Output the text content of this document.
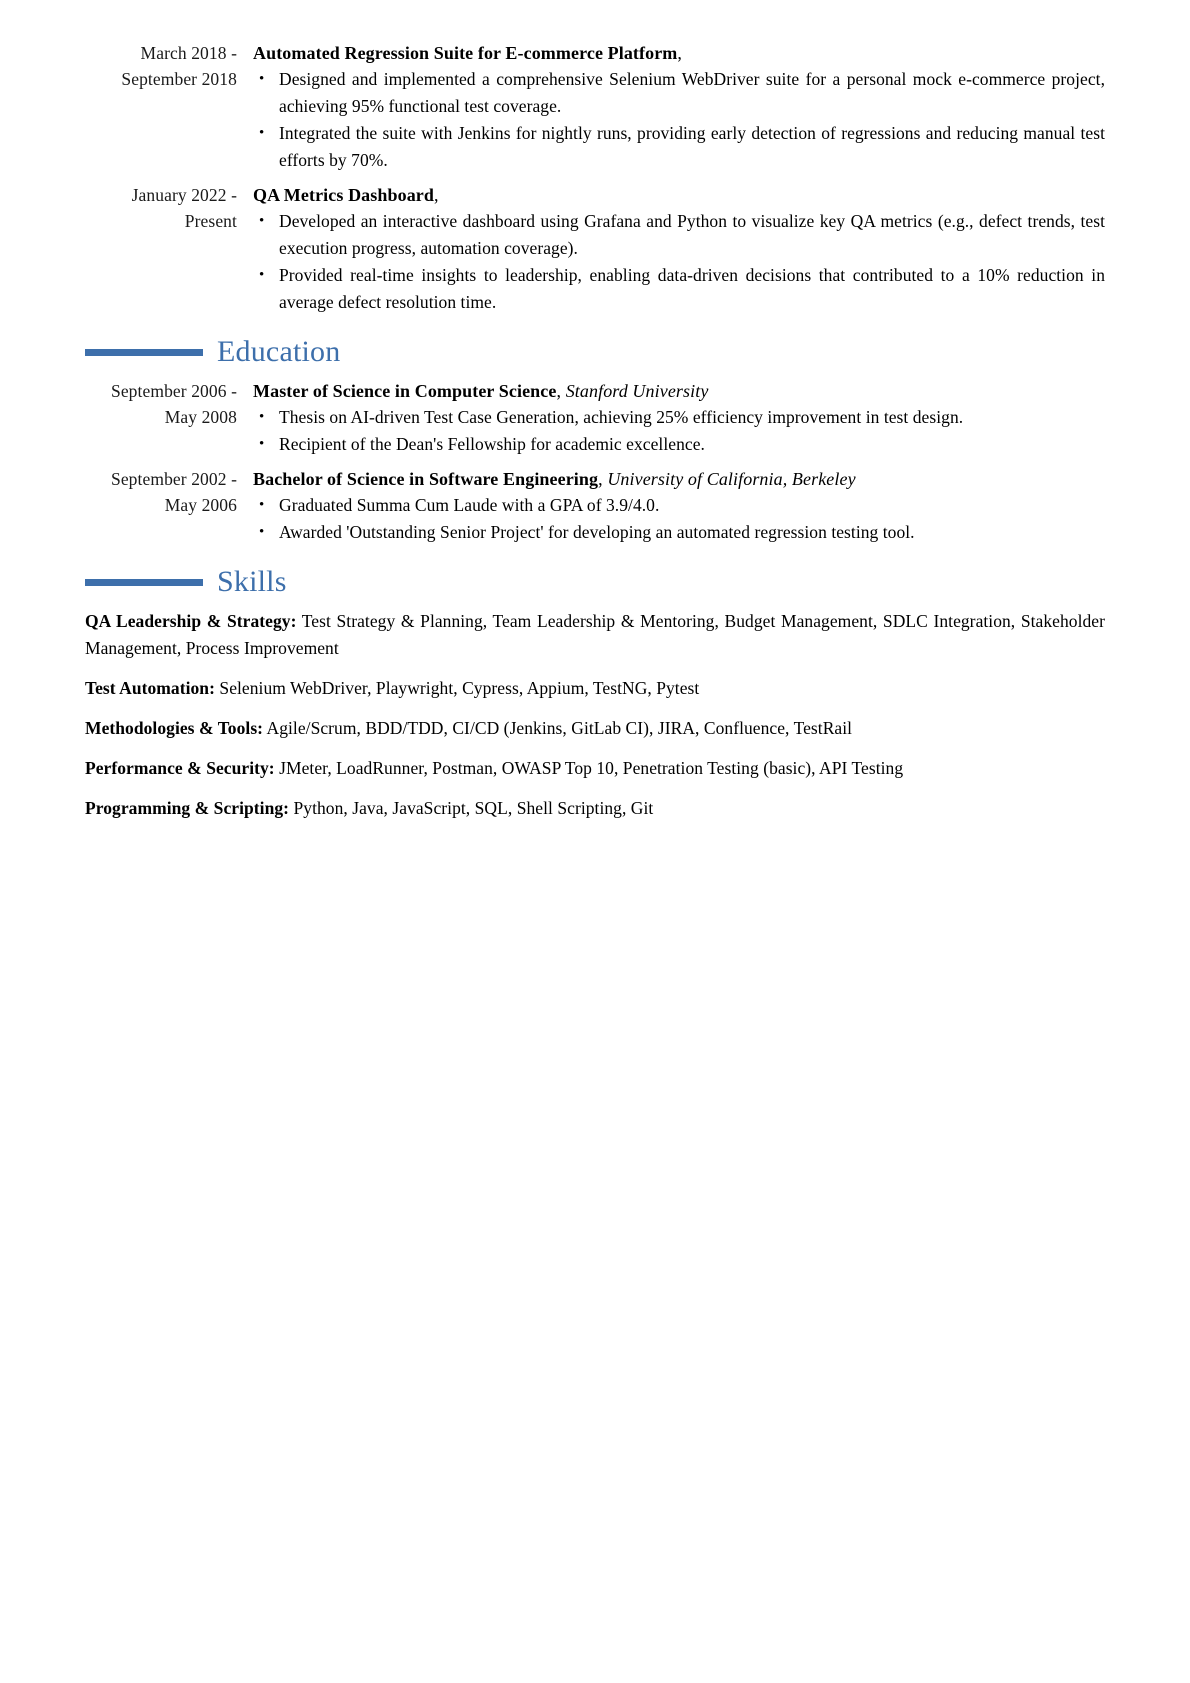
March 2018 - September 2018
Automated Regression Suite for E-commerce Platform,
• Designed and implemented a comprehensive Selenium WebDriver suite for a personal mock e-commerce project, achieving 95% functional test coverage.
• Integrated the suite with Jenkins for nightly runs, providing early detection of regressions and reducing manual test efforts by 70%.
January 2022 - Present
QA Metrics Dashboard,
• Developed an interactive dashboard using Grafana and Python to visualize key QA metrics (e.g., defect trends, test execution progress, automation coverage).
• Provided real-time insights to leadership, enabling data-driven decisions that contributed to a 10% reduction in average defect resolution time.
Education
September 2006 - May 2008
Master of Science in Computer Science, Stanford University
• Thesis on AI-driven Test Case Generation, achieving 25% efficiency improvement in test design.
• Recipient of the Dean's Fellowship for academic excellence.
September 2002 - May 2006
Bachelor of Science in Software Engineering, University of California, Berkeley
• Graduated Summa Cum Laude with a GPA of 3.9/4.0.
• Awarded 'Outstanding Senior Project' for developing an automated regression testing tool.
Skills
QA Leadership & Strategy: Test Strategy & Planning, Team Leadership & Mentoring, Budget Management, SDLC Integration, Stakeholder Management, Process Improvement
Test Automation: Selenium WebDriver, Playwright, Cypress, Appium, TestNG, Pytest
Methodologies & Tools: Agile/Scrum, BDD/TDD, CI/CD (Jenkins, GitLab CI), JIRA, Confluence, TestRail
Performance & Security: JMeter, LoadRunner, Postman, OWASP Top 10, Penetration Testing (basic), API Testing
Programming & Scripting: Python, Java, JavaScript, SQL, Shell Scripting, Git
